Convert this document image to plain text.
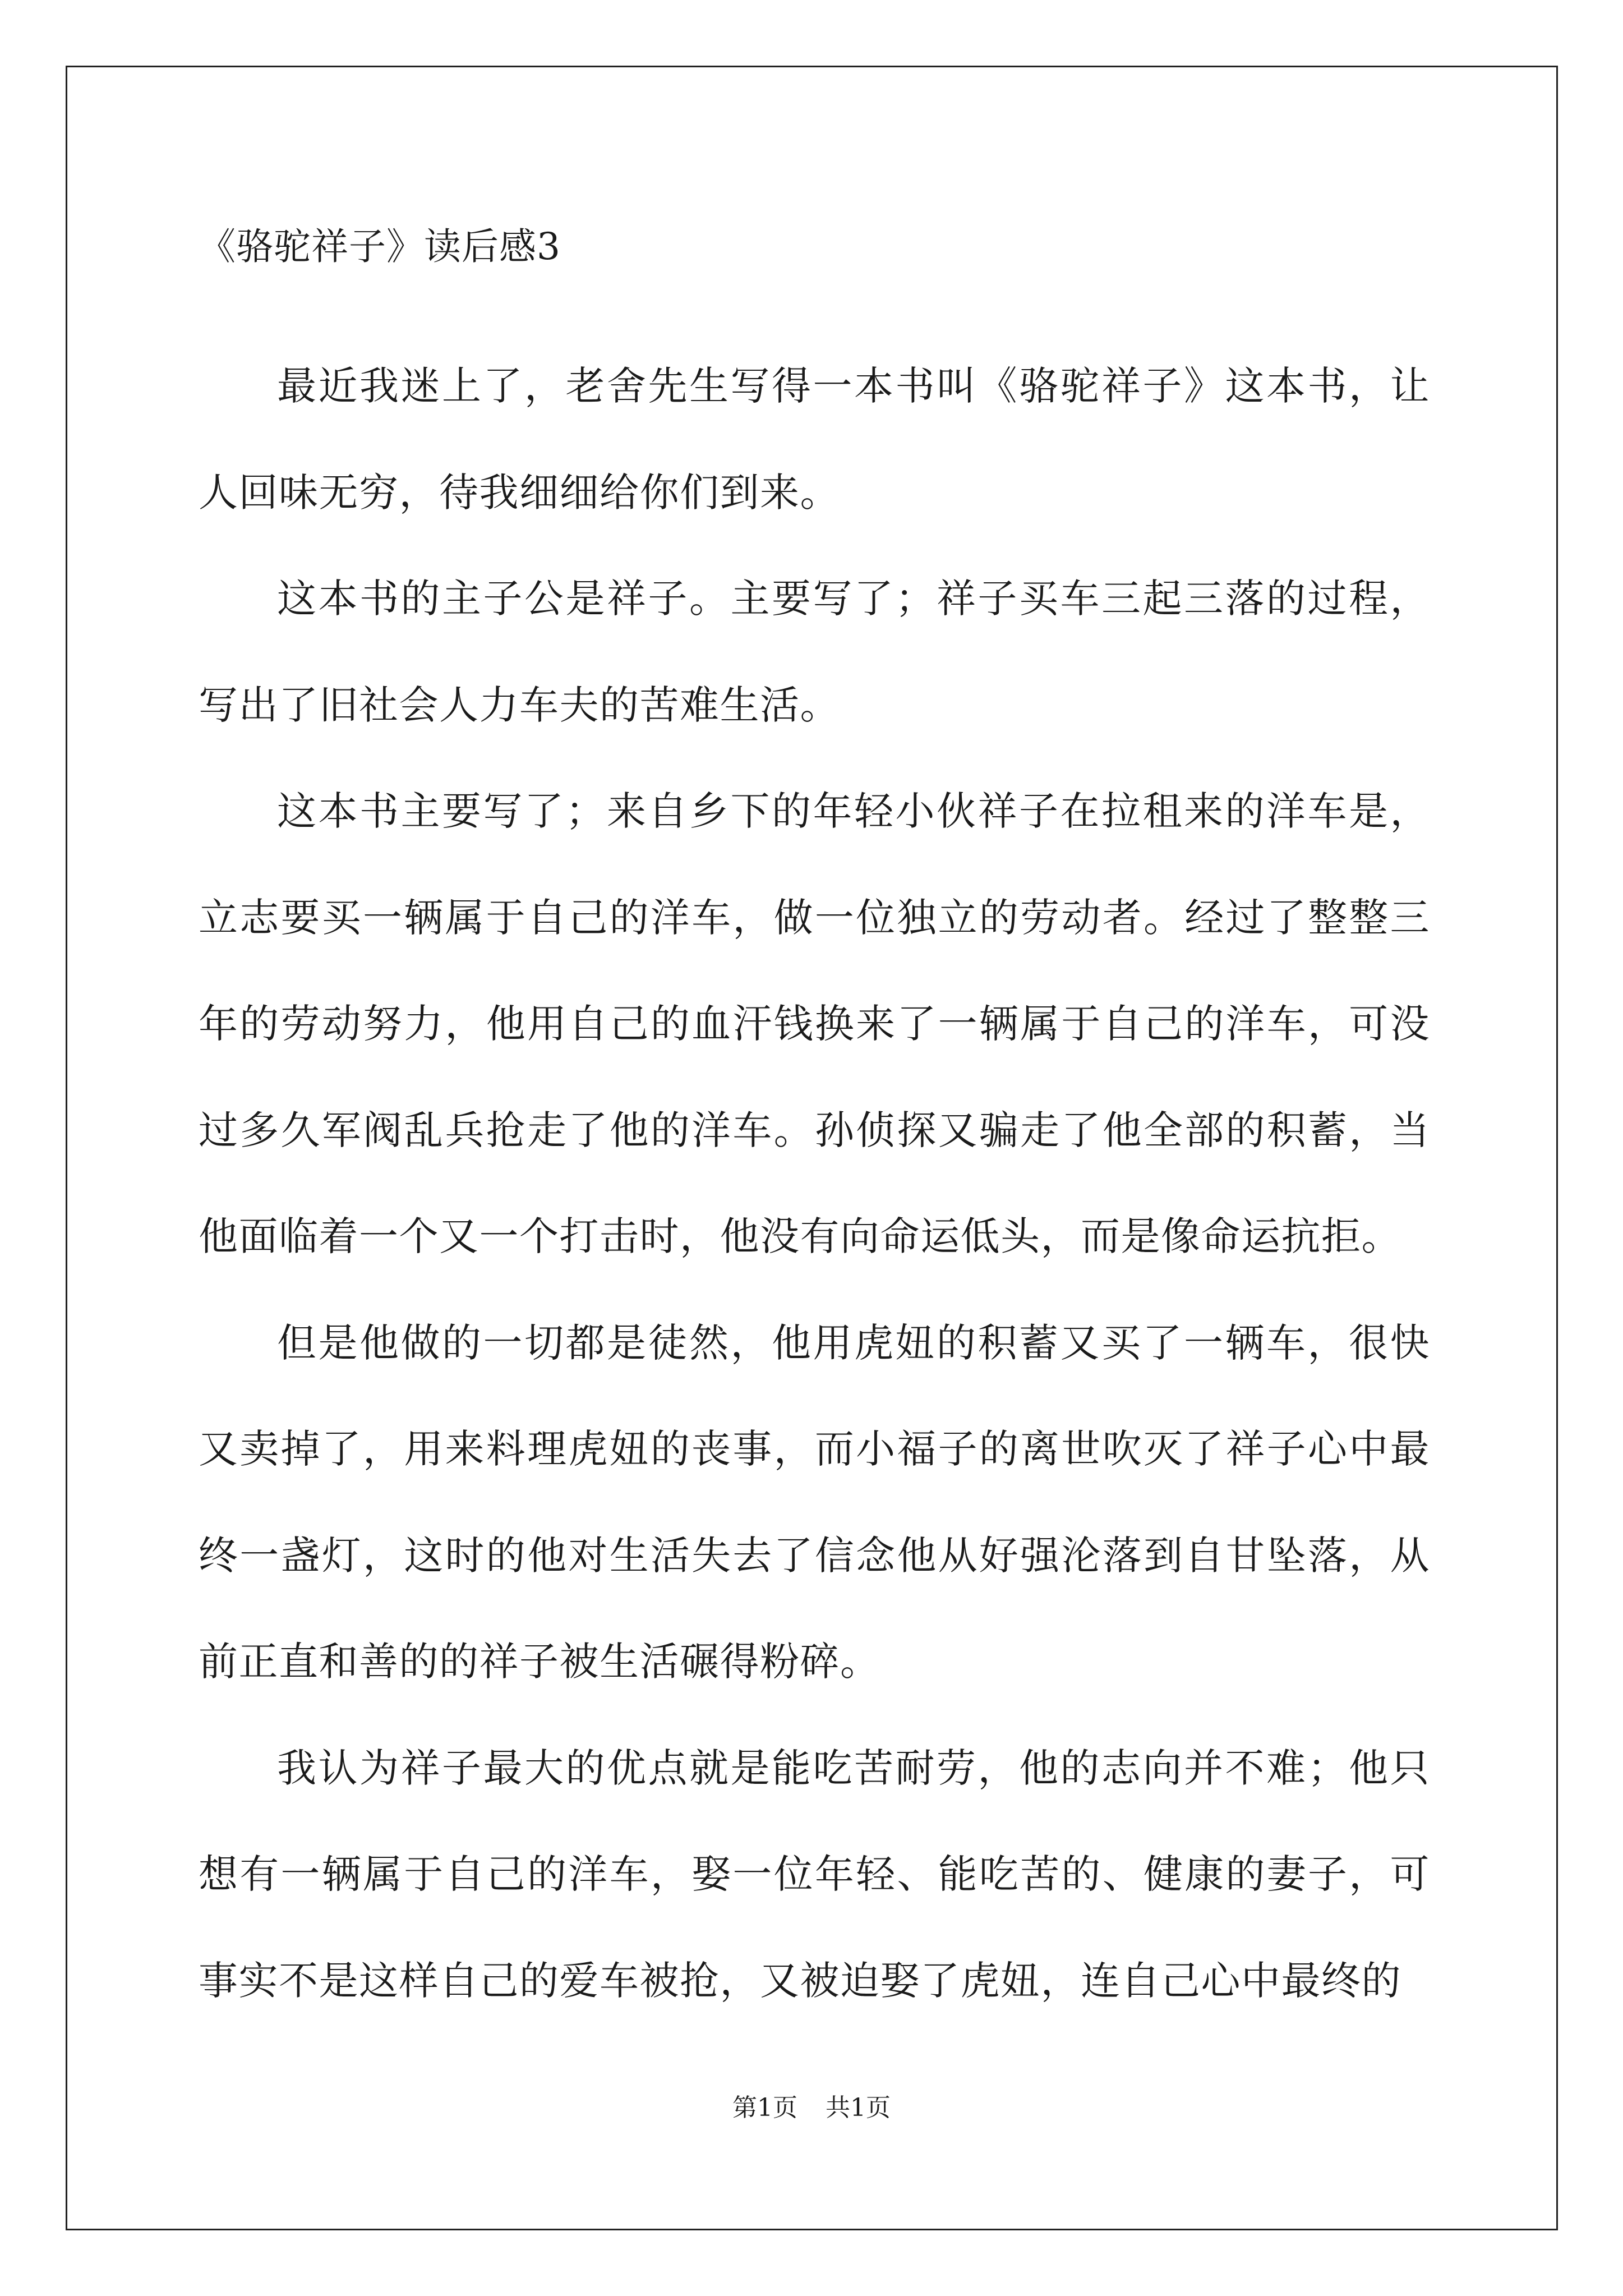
《骆驼祥子》读后感3

最近我迷上了，老舍先生写得一本书叫《骆驼祥子》这本书，让人回味无穷，待我细细给你们到来。

这本书的主子公是祥子。主要写了；祥子买车三起三落的过程，写出了旧社会人力车夫的苦难生活。

这本书主要写了；来自乡下的年轻小伙祥子在拉租来的洋车是，立志要买一辆属于自己的洋车，做一位独立的劳动者。经过了整整三年的劳动努力，他用自己的血汗钱换来了一辆属于自己的洋车，可没过多久军阀乱兵抢走了他的洋车。孙侦探又骗走了他全部的积蓄，当他面临着一个又一个打击时，他没有向命运低头，而是像命运抗拒。

但是他做的一切都是徒然，他用虎妞的积蓄又买了一辆车，很快又卖掉了，用来料理虎妞的丧事，而小福子的离世吹灭了祥子心中最终一盏灯，这时的他对生活失去了信念他从好强沦落到自甘坠落，从前正直和善的的祥子被生活碾得粉碎。

我认为祥子最大的优点就是能吃苦耐劳，他的志向并不难；他只想有一辆属于自己的洋车，娶一位年轻、能吃苦的、健康的妻子，可事实不是这样自己的爱车被抢，又被迫娶了虎妞，连自己心中最终的

第1页 共1页
